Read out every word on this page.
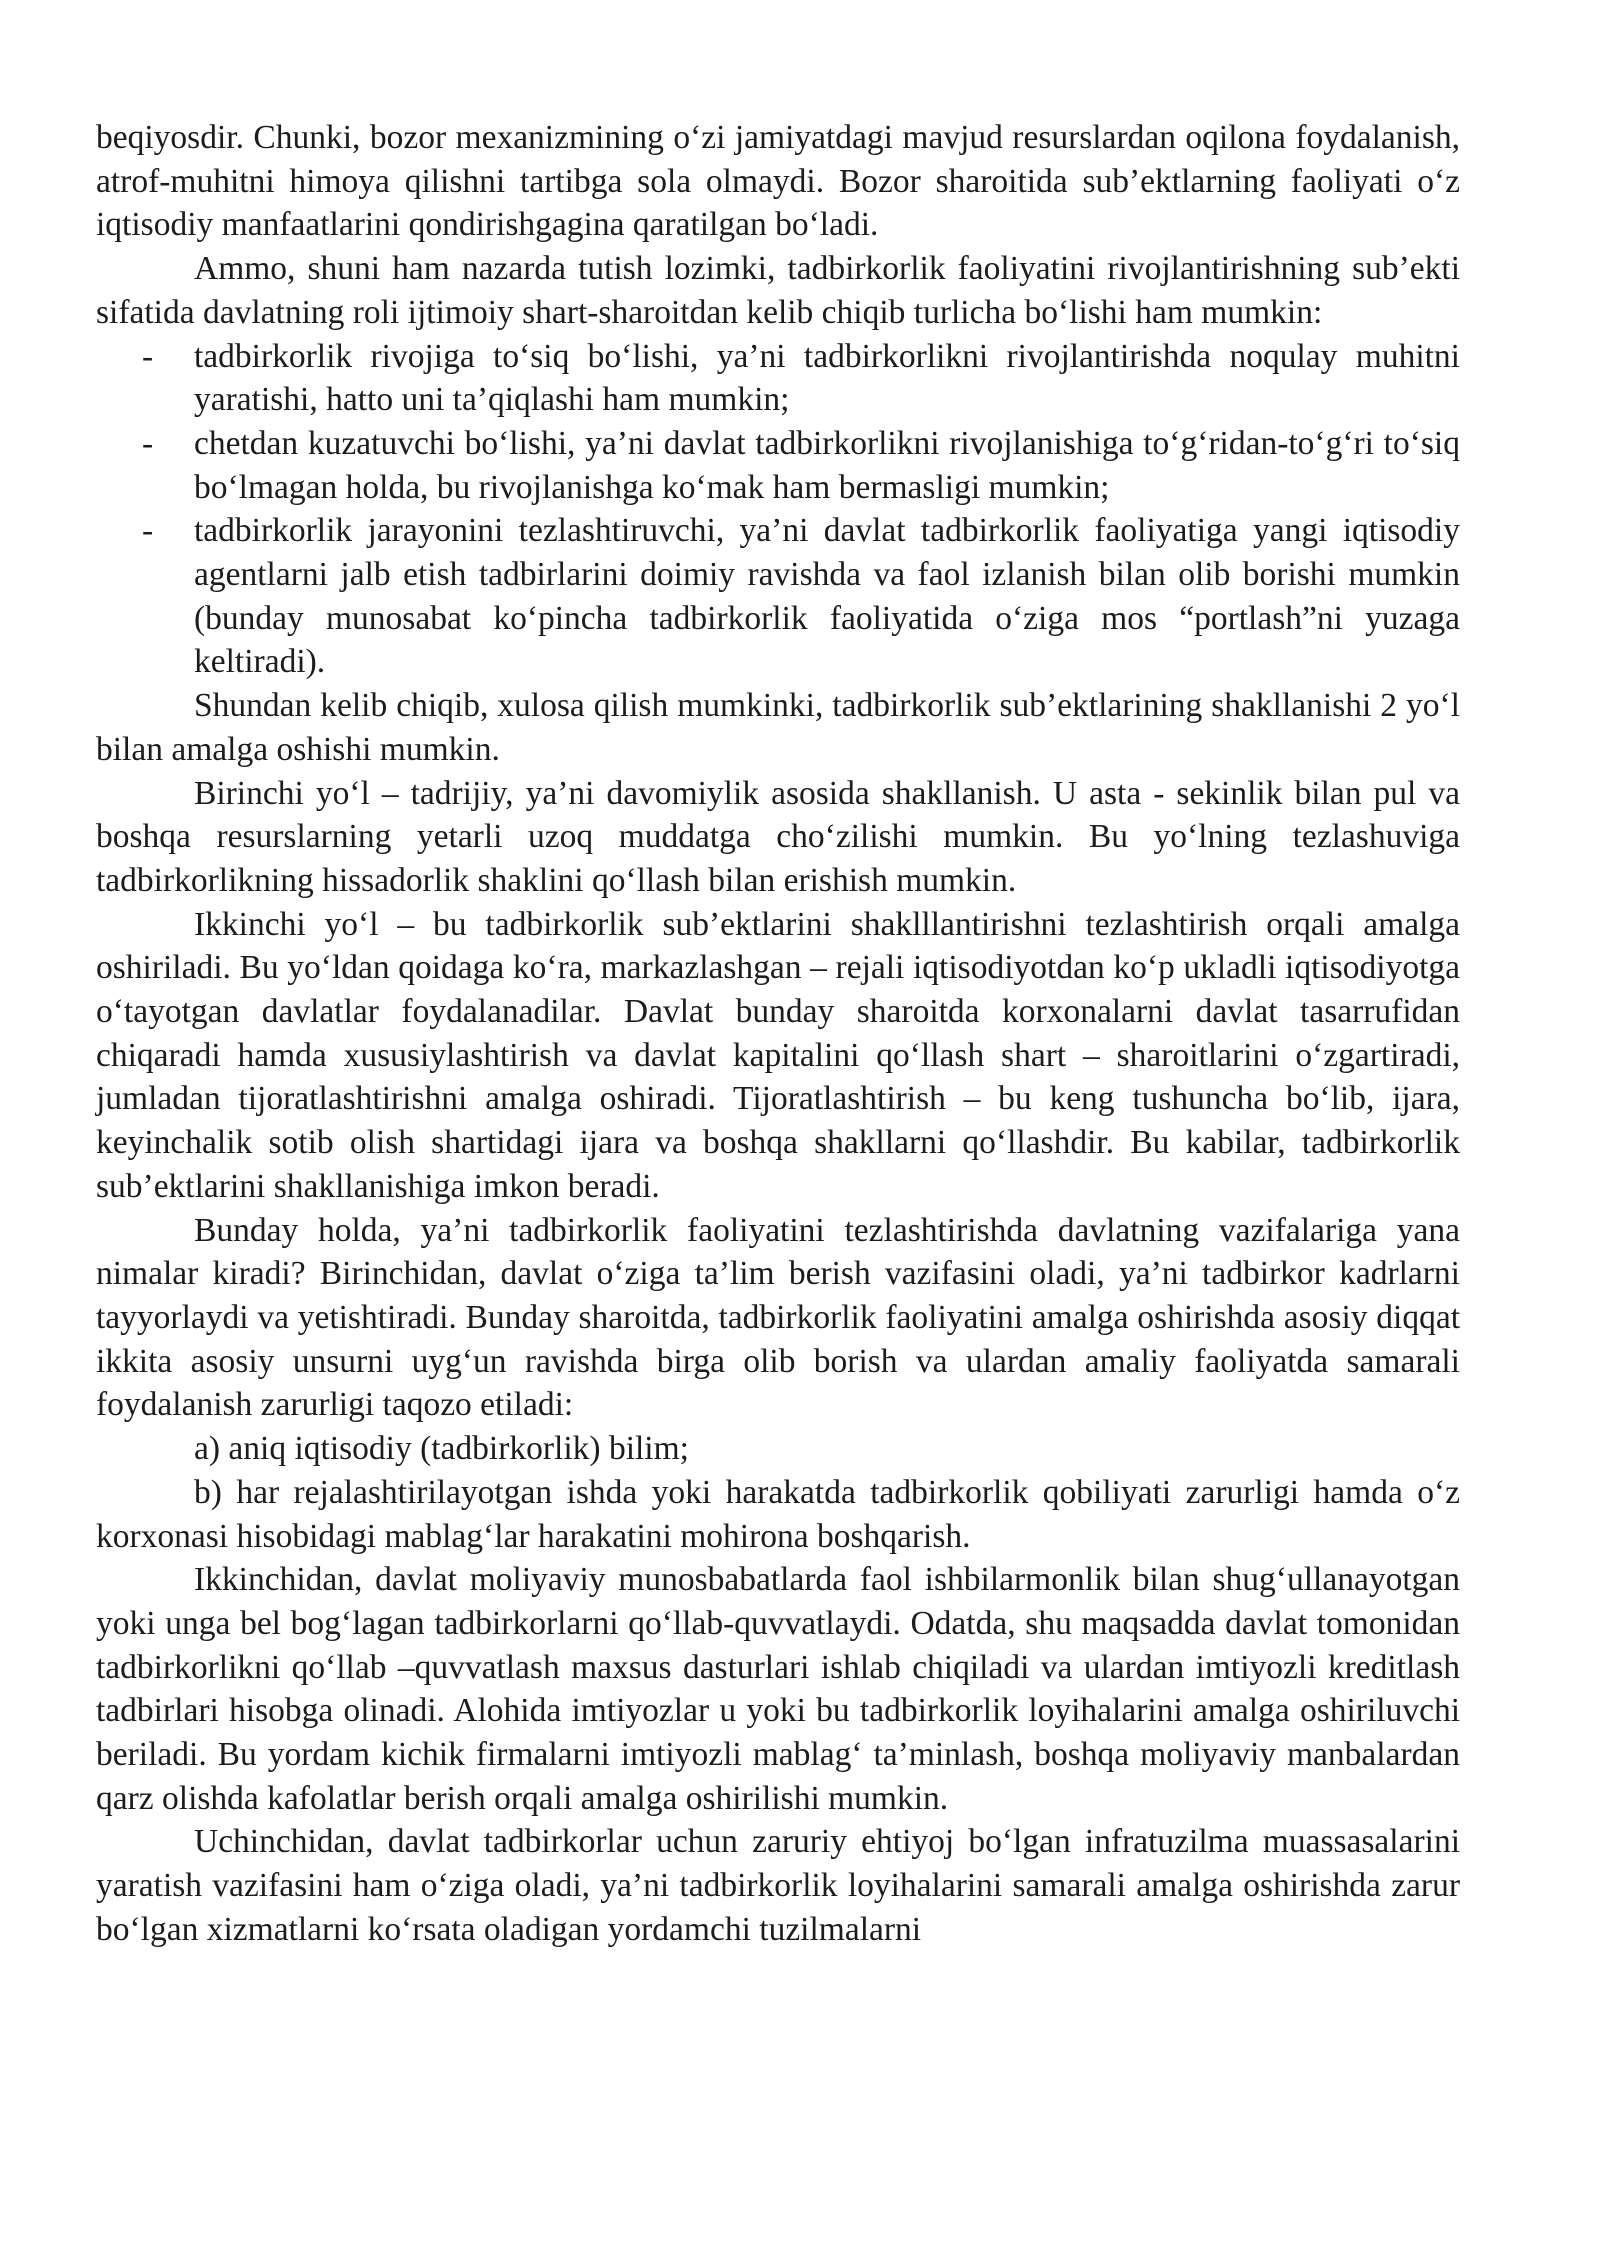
beqiyosdir. Chunki, bozor mexanizmining o‘zi jamiyatdagi mavjud resurslardan oqilona foydalanish, atrof-muhitni himoya qilishni tartibga sola olmaydi. Bozor sharoitida sub’ektlarning faoliyati o‘z iqtisodiy manfaatlarini qondirishgagina qaratilgan bo‘ladi.

Ammo, shuni ham nazarda tutish lozimki, tadbirkorlik faoliyatini rivojlantirishning sub’ekti sifatida davlatning roli ijtimoiy shart-sharoitdan kelib chiqib turlicha bo‘lishi ham mumkin:

- tadbirkorlik rivojiga to‘siq bo‘lishi, ya’ni tadbirkorlikni rivojlantirishda noqulay muhitni yaratishi, hatto uni ta’qiqlashi ham mumkin;
- chetdan kuzatuvchi bo‘lishi, ya’ni davlat tadbirkorlikni rivojlanishiga to‘g‘ridan-to‘g‘ri to‘siq bo‘lmagan holda, bu rivojlanishga ko‘mak ham bermasligi mumkin;
- tadbirkorlik jarayonini tezlashtiruvchi, ya’ni davlat tadbirkorlik faoliyatiga yangi iqtisodiy agentlarni jalb etish tadbirlarini doimiy ravishda va faol izlanish bilan olib borishi mumkin (bunday munosabat ko‘pincha tadbirkorlik faoliyatida o‘ziga mos “portlash”ni yuzaga keltiradi).

Shundan kelib chiqib, xulosa qilish mumkinki, tadbirkorlik sub’ektlarining shakllanishi 2 yo‘l bilan amalga oshishi mumkin.

Birinchi yo‘l – tadrijiy, ya’ni davomiylik asosida shakllanish. U asta - sekinlik bilan pul va boshqa resurslarning yetarli uzoq muddatga cho‘zilishi mumkin. Bu yo‘lning tezlashuviga tadbirkorlikning hissadorlik shaklini qo‘llash bilan erishish mumkin.

Ikkinchi yo‘l – bu tadbirkorlik sub’ektlarini shaklllantirishni tezlashtirish orqali amalga oshiriladi. Bu yo‘ldan qoidaga ko‘ra, markazlashgan – rejali iqtisodiyotdan ko‘p ukladli iqtisodiyotga o‘tayotgan davlatlar foydalanadilar. Davlat bunday sharoitda korxonalarni davlat tasarrufidan chiqaradi hamda xususiylashtirish va davlat kapitalini qo‘llash shart – sharoitlarini o‘zgartiradi, jumladan tijoratlashtirishni amalga oshiradi. Tijoratlashtirish – bu keng tushuncha bo‘lib, ijara, keyinchalik sotib olish shartidagi ijara va boshqa shakllarni qo‘llashdir. Bu kabilar, tadbirkorlik sub’ektlarini shakllanishiga imkon beradi.

Bunday holda, ya’ni tadbirkorlik faoliyatini tezlashtirishda davlatning vazifalariga yana nimalar kiradi? Birinchidan, davlat o‘ziga ta’lim berish vazifasini oladi, ya’ni tadbirkor kadrlarni tayyorlaydi va yetishtiradi. Bunday sharoitda, tadbirkorlik faoliyatini amalga oshirishda asosiy diqqat ikkita asosiy unsurni uyg‘un ravishda birga olib borish va ulardan amaliy faoliyatda samarali foydalanish zarurligi taqozo etiladi:

a) aniq iqtisodiy (tadbirkorlik) bilim;

b) har rejalashtirilayotgan ishda yoki harakatda tadbirkorlik qobiliyati zarurligi hamda o‘z korxonasi hisobidagi mablag‘lar harakatini mohirona boshqarish.

Ikkinchidan, davlat moliyaviy munosbabatlarda faol ishbilarmonlik bilan shug‘ullanayotgan yoki unga bel bog‘lagan tadbirkorlarni qo‘llab-quvvatlaydi. Odatda, shu maqsadda davlat tomonidan tadbirkorlikni qo‘llab –quvvatlash maxsus dasturlari ishlab chiqiladi va ulardan imtiyozli kreditlash tadbirlari hisobga olinadi. Alohida imtiyozlar u yoki bu tadbirkorlik loyihalarini amalga oshiriluvchi beriladi. Bu yordam kichik firmalarni imtiyozli mablag‘ ta’minlash, boshqa moliyaviy manbalardan qarz olishda kafolatlar berish orqali amalga oshirilishi mumkin.

Uchinchidan, davlat tadbirkorlar uchun zaruriy ehtiyoj bo‘lgan infratuzilma muassasalarini yaratish vazifasini ham o‘ziga oladi, ya’ni tadbirkorlik loyihalarini samarali amalga oshirishda zarur bo‘lgan xizmatlarni ko‘rsata oladigan yordamchi tuzilmalarni
